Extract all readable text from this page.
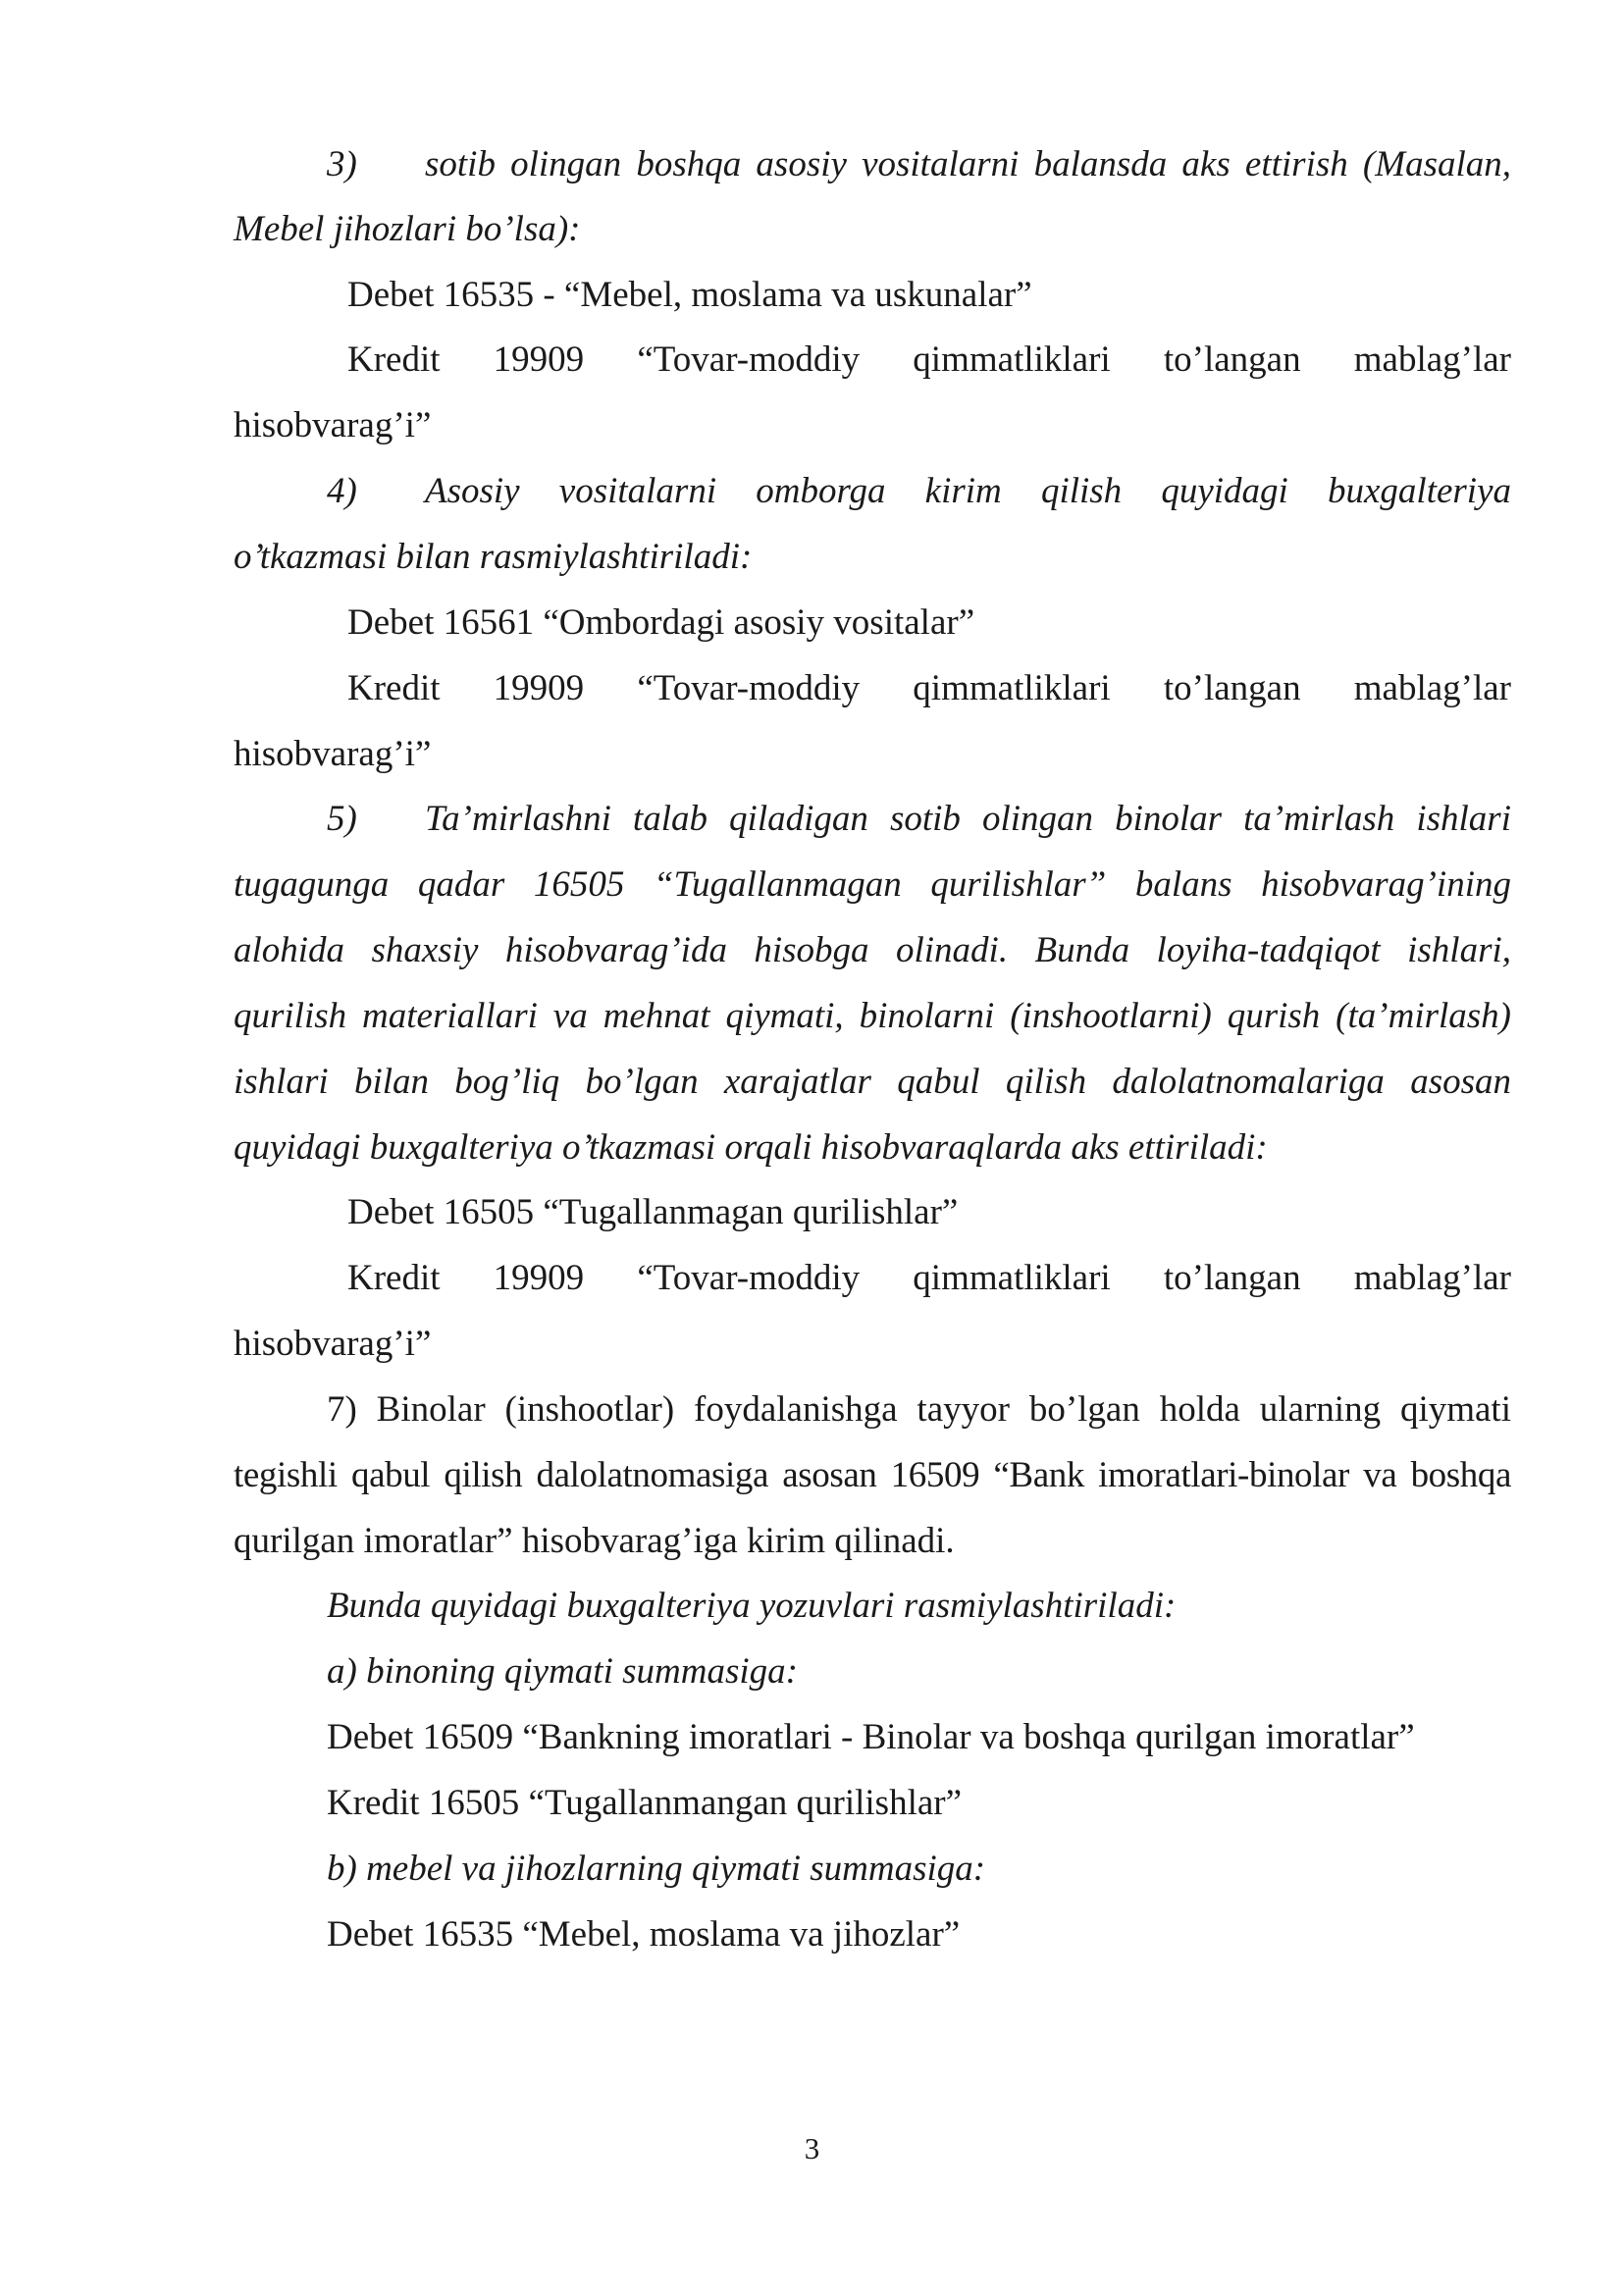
3) sotib olingan boshqa asosiy vositalarni balansda aks ettirish (Masalan,
Mebel jihozlari bo’lsa):
Debet 16535 - “Mebel, moslama va uskunalar”
Kredit 19909 “Tovar-moddiy qimmatliklari to’langan mablag’lar
hisobvarag’i”
4) Asosiy vositalarni omborga kirim qilish quyidagi buxgalteriya
o’tkazmasi bilan rasmiylashtiriladi:
Debet 16561 “Ombordagi asosiy vositalar”
Kredit 19909 “Tovar-moddiy qimmatliklari to’langan mablag’lar
hisobvarag’i”
5) Ta’mirlashni talab qiladigan sotib olingan binolar ta’mirlash ishlari
tugagunga qadar 16505 “Tugallanmagan qurilishlar” balans hisobvarag’ining
alohida shaxsiy hisobvarag’ida hisobga olinadi. Bunda loyiha-tadqiqot ishlari,
qurilish materiallari va mehnat qiymati, binolarni (inshootlarni) qurish (ta’mirlash)
ishlari bilan bog’liq bo’lgan xarajatlar qabul qilish dalolatnomalariga asosan
quyidagi buxgalteriya o’tkazmasi orqali hisobvaraqlarda aks ettiriladi:
Debet 16505 “Tugallanmagan qurilishlar”
Kredit 19909 “Tovar-moddiy qimmatliklari to’langan mablag’lar
hisobvarag’i”
7) Binolar (inshootlar) foydalanishga tayyor bo’lgan holda ularning qiymati
tegishli qabul qilish dalolatnomasiga asosan 16509 “Bank imoratlari-binolar va boshqa
qurilgan imoratlar” hisobvarag’iga kirim qilinadi.
Bunda quyidagi buxgalteriya yozuvlari rasmiylashtiriladi:
a) binoning qiymati summasiga:
Debet 16509 “Bankning imoratlari - Binolar va boshqa qurilgan imoratlar”
Kredit 16505 “Tugallanmangan qurilishlar”
b) mebel va jihozlarning qiymati summasiga:
Debet 16535 “Mebel, moslama va jihozlar”
3
